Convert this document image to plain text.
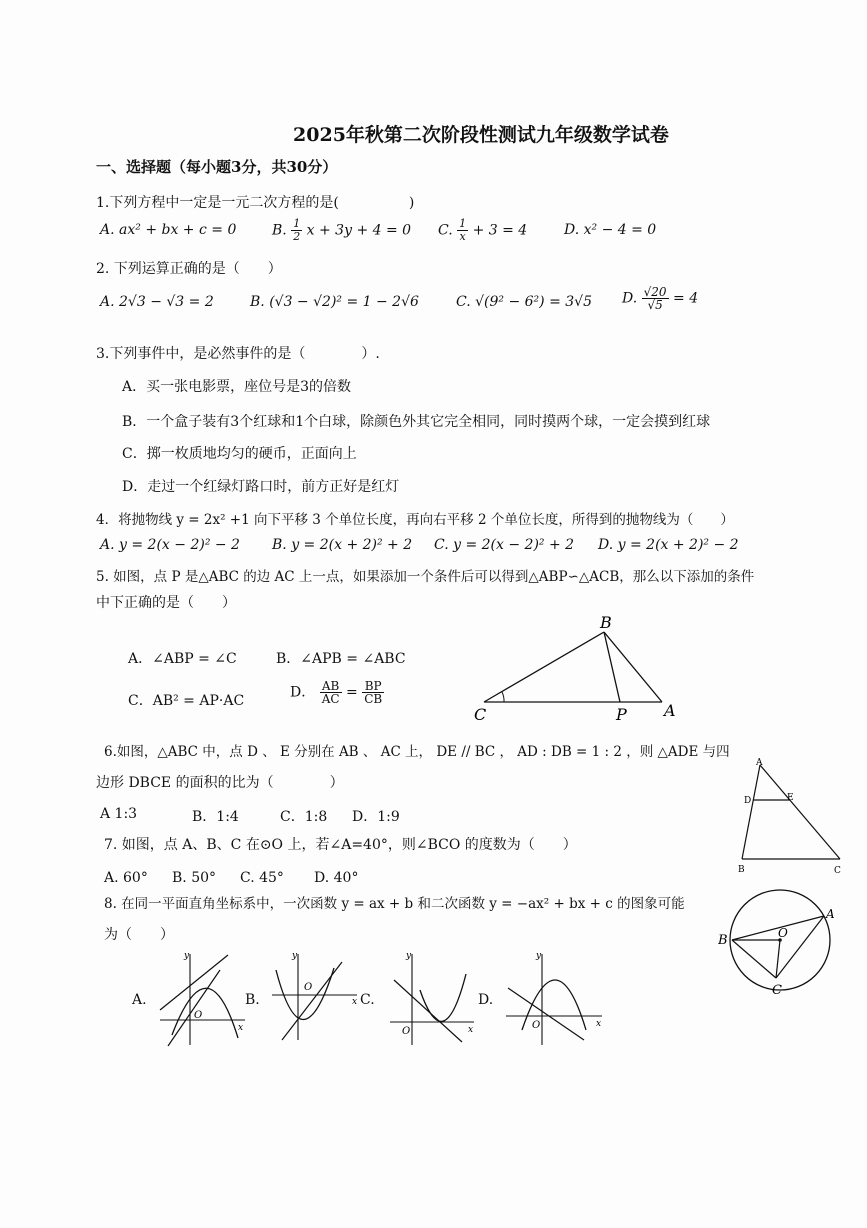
2025年秋第二次阶段性测试九年级数学试卷
一、选择题（每小题3分，共30分）
1.下列方程中一定是一元二次方程的是(　　　　　)
A. ax² + bx + c = 0	B. $\frac{1}{2}$ x + 3y + 4 = 0 C. $\frac{1}{x} + 3 = 4$	D. x² − 4 = 0
2. 下列运算正确的是（　　）
A. 2√3 − √3 = 2	B. (√3 − √2)² = 1 − 2√6	C. √(9² − 6²) = 3√5 D. $\frac{√20}{√5} = 4$
3.下列事件中，是必然事件的是（　　　　）.
A．买一张电影票，座位号是3的倍数
B．一个盒子装有3个红球和1个白球，除颜色外其它完全相同，同时摸两个球，一定会摸到红球
C．掷一枚质地均匀的硬币，正面向上
D．走过一个红绿灯路口时，前方正好是红灯
4．将抛物线 y = 2x² +1 向下平移 3 个单位长度，再向右平移 2 个单位长度，所得到的抛物线为（　　）
A. y = 2(x − 2)² − 2 B. y = 2(x + 2)² + 2 C. y = 2(x − 2)² + 2 D. y = 2(x + 2)² − 2
5. 如图，点 P 是△ABC 的边 AC 上一点，如果添加一个条件后可以得到△ABP∽△ACB，那么以下添加的条件
中下正确的是（　　）
A．∠ABP = ∠C	B．∠APB = ∠ABC
C．AB² = AP·AC
D． $\frac{AB}{AC} = \frac{BP}{CB}$
B
C	P A
6.如图，△ABC 中，点 D 、 E 分别在 AB 、 AC 上， DE // BC ， AD : DB = 1 : 2 ，则 △ADE 与四
边形 DBCE 的面积的比为（　　　　）
A 1:3	B．1:4	C．1:8 D．1:9
A
D	E
B	C
7. 如图，点 A、B、C 在⊙O 上，若∠A=40°，则∠BCO 的度数为（　　）
A. 60° B. 50° C. 45° D. 40°
B
A
C
O
8. 在同一平面直角坐标系中，一次函数 y = ax + b 和二次函数 y = −ax² + bx + c 的图象可能
为（　　）
A.
y
x
O
B.
y
x
O
C.
y
x
O
D.
y
x
O
